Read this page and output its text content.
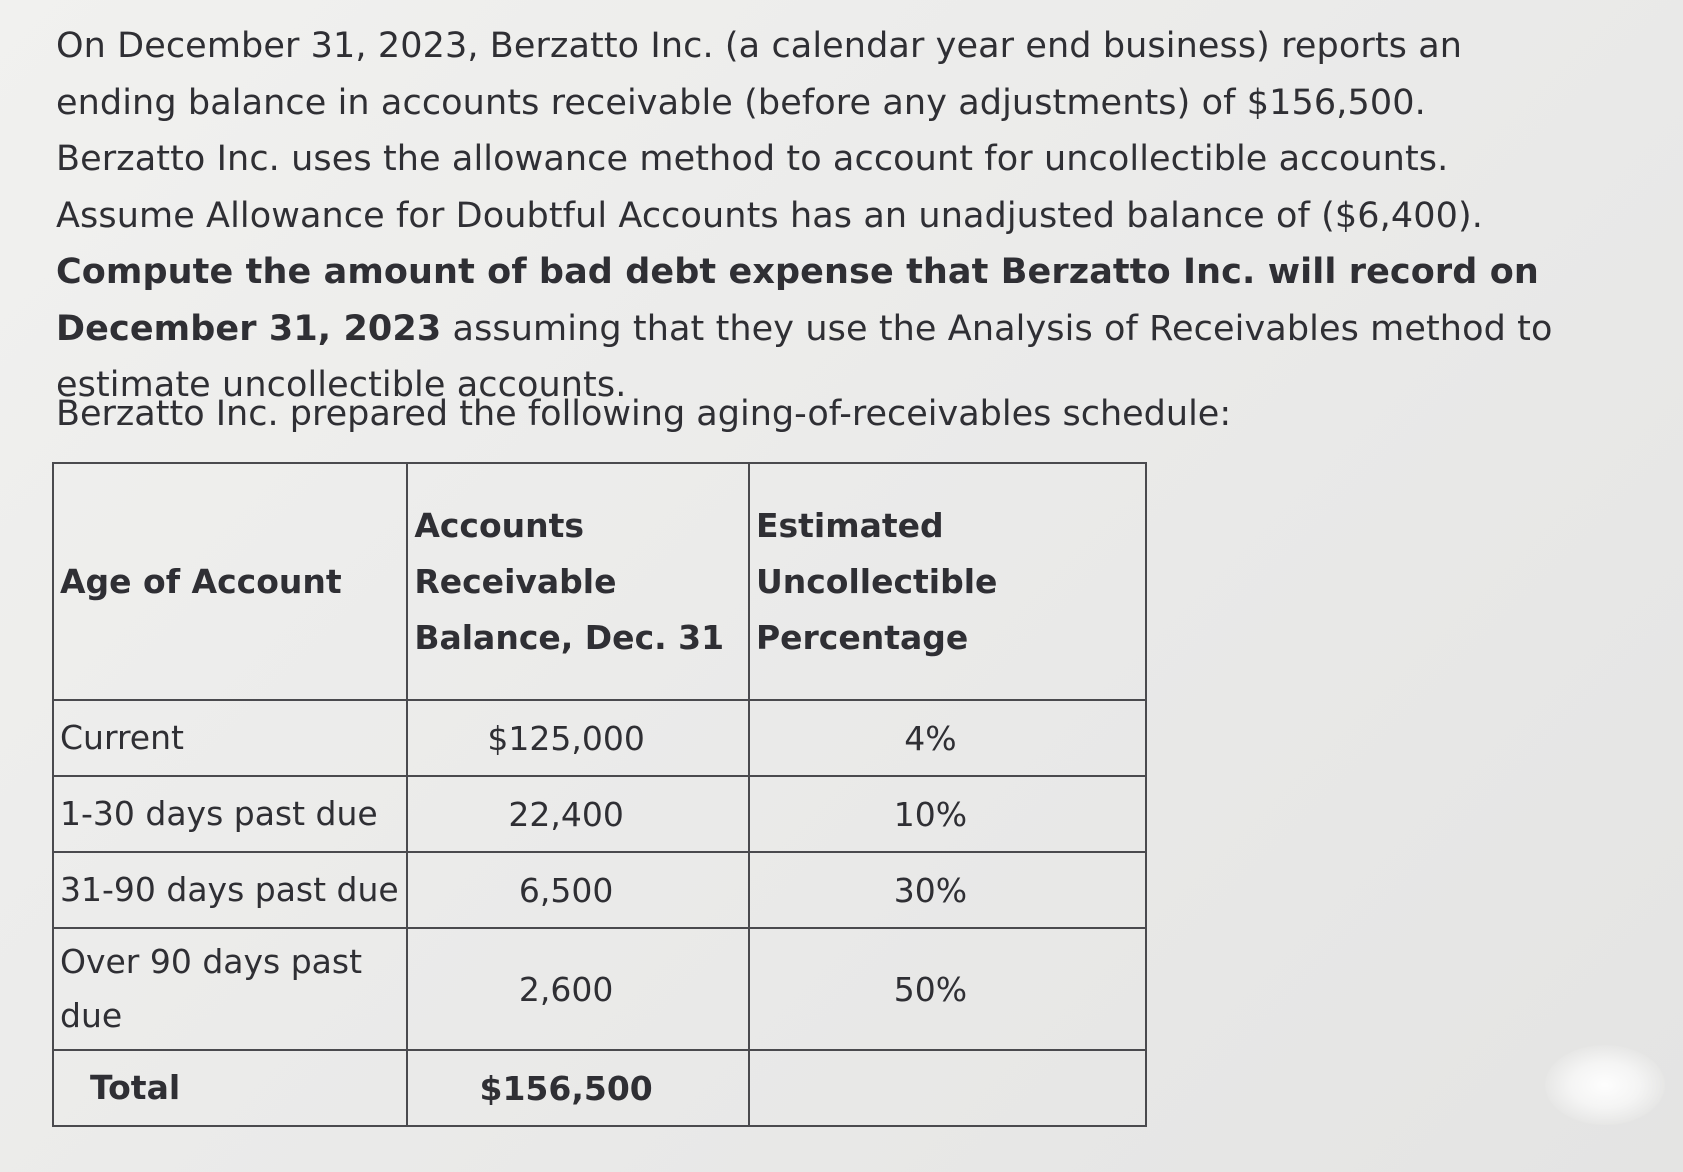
On December 31, 2023, Berzatto Inc. (a calendar year end business) reports an ending balance in accounts receivable (before any adjustments) of $156,500. Berzatto Inc. uses the allowance method to account for uncollectible accounts. Assume Allowance for Doubtful Accounts has an unadjusted balance of ($6,400). Compute the amount of bad debt expense that Berzatto Inc. will record on December 31, 2023 assuming that they use the Analysis of Receivables method to estimate uncollectible accounts.
Berzatto Inc. prepared the following aging-of-receivables schedule:
Age of Account	Accounts Receivable Balance, Dec. 31	Estimated Uncollectible Percentage
Current	$125,000	4%
1-30 days past due	22,400	10%
31-90 days past due	6,500	30%
Over 90 days past due	2,600	50%
Total	$156,500	
